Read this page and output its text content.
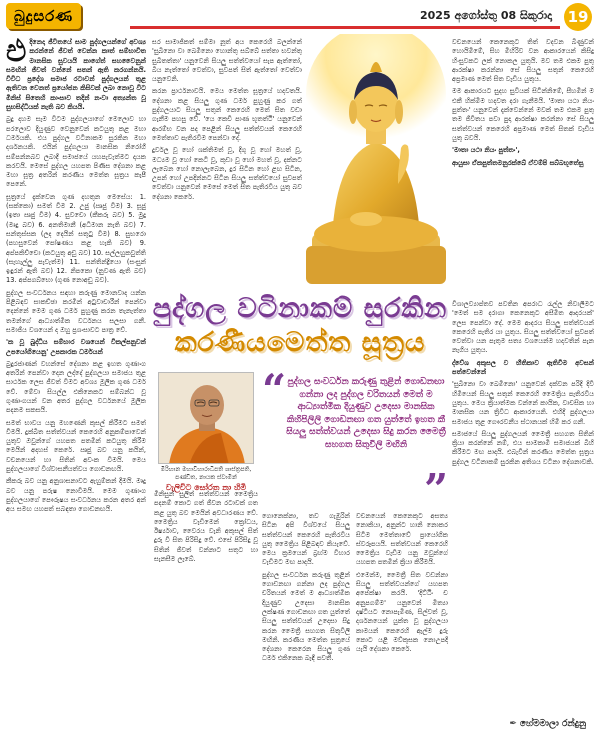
බුදුසරණ	2025 අගෝස්තු 08 සිකුරාදා 19
එ දිනෙදා ජීවිතයේ සාම පුද්ගලයන්ගේ අවශ්‍ය කරන්නේ ජීවත් වෙන්න කාත් සම්භාවිත මානසික සුවයයි කාගේත් සහවෛනුන් සමඟින් ජීවත් වන්නේ සතන් ඇති කරගන්නයි. විවිධ ප්‍රදේශ සමාජ රටාවන් පුද්ගලයන් තුළ ඇතිවන වෙනත් ප්‍රයෝජන කිසිවක් ලබා නොවූ විට මිනිස් සිතෙහි කාංසාව තදින් නංවා අත්‍යන්ත වූ සුභසිද්ධියක් නැති බව කියයි.

බුදු දහම සැම විටම පුද්ගලයාගේ මෙලොව හා පරලොව දියුණුව වෙනුවෙන් කටයුතු කළ මහා ධර්මයකි. එය පුද්ගල වටිනාකම සුරකින මහා දර්ශනයකි. එයින් පුද්ගලයා මානසික නිරෝගී සම්පන්නබව ලබාදී සමාජයේ යහපැවැත්මට දායක කරවයි. මෙසේ පුද්ගල යහපත පිණිස දේශනා කළ මහා සූත්‍ර අතරින් කරණීය මෙත්ත සූත්‍රය කැපී පෙනේ.

සූත්‍රයේ දැක්වෙන ගුණ දහතුන මෙසේය: 1.(සක්කො) සමත් වීම 2. උජු (ඍජු වීම) 3. සූජු (ඉතා ඍජු වීම) 4. සුවචො (කීකරු බව) 5. මුදු (මෘදු බව) 6. අනතිමානී (අධිමාන නැති බව) 7. සන්තුස්සක (ලද දෙයින් සතුටු වීම) 8. සුභරො (පහසුවෙන් පෝෂණය කළ හැකි බව) 9. අප්පකිච්චො (කටයුතු අඩු බව) 10. සල්ලහුකවුත්ති (සැහැල්ලු පැවැත්ම) 11. සන්තින්ද්‍රියො (සංසුන් ඉඳුරන් ඇති බව) 12. නිපකො (නුවණ ඇති බව) 13. අප්පගබ්භො (ගුණ නොඅඩු බව).

පුද්ගල සංවර්ධනය සඳහා කරුණු මොනවාද යන්න පිළිබඳව සාකච්ඡා කරමින් අටුවාචාරීන් පෙන්වා දෙන්නේ මෙම ගුණ ධර්ම පුහුණු කරන තැනැත්තා තමන්ගේ ආධ්‍යාත්මික වර්ධනය සලසා ගනී. සමාජීය වශයෙන් ද ඔහු ප්‍රශංසාවට පාත්‍ර වේ.

'ක වූ බුද්ධිය සම්භාර වශයෙන් විකල්පනුවන් උපයෝගියෙනු' උපකාරක ධර්මයන්

බුදුරජාණන් වහන්සේ දේශනා කළ ඉහත ගුණාංග අතරින් පෙන්වා දෙන ලද්දේ පුද්ගලයා සමාජය තුළ සාර්ථක ලෙස ජීවත් වීමට අවශ්‍ය මූලික ගුණ ධර්ම වේ. මේවා සියල්ල එකිනෙකට සම්බන්ධ වූ ගුණාංගයන් වන අතර පුද්ගල වර්ධනයේ මූලික පදනම සකසයි.

සමත් භාවය යනු මහණෙනි කුසල් කිරීමට සමත් වීමයි. දුක්ඛිත සත්ත්වයන් කෙරෙහි අනුකම්පාවෙන් යුතුව ඔවුන්ගේ යහපත පතමින් කටයුතු කිරීම මෙයින් අදහස් කෙරේ. ඍජු බව යනු කයින්, වචනයෙන් හා සිතින් අවංක වීමයි. මෙය පුද්ගලයාගේ විශ්වාසනීයත්වය ගොඩනඟයි.

කීකරු බව යනු අනුශාසනාවට ඇහුම්කන් දීමයි. මෘදු බව යනු පරුෂ නොවීමයි. මෙම ගුණාංග පුද්ගලයාගේ පෞරුෂය සංවර්ධනය කරන අතර අන් අය සමඟ යහපත් සබඳතා ගොඩනඟයි.

සර සාමාජිකත් සම්මා නූත් අය කෙරෙහි බලන්නේ 'සුඛිනො වා ඛෙමිනො හොන්තු සබ්බේ සත්තා භවන්තු සුඛිතත්තා' යනුවෙනි සියලු සත්ත්වයෝ සැප ඇත්තෝ, බිය නැත්තෝ වෙත්වා, සුවපත් සිත් ඇත්තෝ වෙත්වා යනුවෙනි.

කරන ප්‍රාර්ථනාවයි. මෙය මෙත්ත සූත්‍රයේ හදවතයි. දේශනා කළ සියලු ගුණ ධර්ම පුහුණු කර ගත් පුද්ගලයාට සියලු සතුන් කෙරෙහි මෙත් සිත වඩා ගැනීම පහසු වේ. 'යෙ කෙචි පාණ භූතත්ථි' යනුවෙන් ආරම්භ වන පද පෙළින් සියලු සත්ත්වයන් කෙරෙහි මෙත්තාව පැතිරවීම පෙන්වා දේ.

දුර්වල වූ හෝ ශක්තිමත් වූ, දිගු වූ හෝ මහත් වූ, මධ්‍යම වූ හෝ කෙටි වූ, කුඩා වූ හෝ මහත් වූ, දක්නට ලැබෙන හෝ නොලැබෙන, දුර සිටින හෝ ළඟ සිටින, උපන් හෝ උපදින්නට සිටින සියලු සත්ත්වයෝ සුවපත් වෙත්වා යනුවෙන් මෙසේ මෙත් සිත පැතිරවිය යුතු බව දේශනා කෙරේ.

වචනයෙන් කෙනෙකුට තිත් වදවන බිණුවන් හොයිමිමේ, සිහ මිහිරිව වන ආකාරයෙන් කිසිදු හිංසුවකට ලක් නොකල යුතුයි. මව තම එකම පුතු ආරක්ෂා කරන්නා සේ සියලු සතුන් කෙරෙහි අප්‍රමාණ මෙත් සිත වැඩිය යුතුය.

මම ආකාරයට සුදහ සුවියක් සිටින්නිමේ, සීහමින් ම එකී හික්මීම හදවත දරා ගැනීමයි. 'මාතා යථා නියං පුත්තං' යනුවෙන් දැක්වෙන්නේ මවක් තම එකම පුතු තම ජීවිතය පවා පුදා ආරක්ෂා කරන්නා සේ සියලු සත්ත්වයන් කෙරෙහි අප්‍රමාණ මෙත් සිතක් වැඩිය යුතු බවයි.

'මාතා යථා නියං පුත්තං',

ආයුසා ඒකපුත්තමනුරක්ඛේ ඒවම්පි සබ්බභූතේසු

පුද්ගල වටිනාකම් සුරකින
කරණීයමෙත්ත සූත්‍රය
මිරිහාන මහාවිහාරාධිපති ශාස්ත්‍රපති, පණ්ඩිත, නායක ස්වාමීන්
වැලිවිට සෝරත නා හිමි
“ පුද්ගල සංවර්ධන කරුණු තුළින් ගොඩනඟා ගන්නා ලද පුද්ගල චරිතයන් මෙත් ම ආධ්‍යාත්මික දියුණුව උදෙසා මානසික කිහිපිලිලි ගොඩනඟා ගත යුත්තේ ඉහත කී සියලු සත්ත්වයන් උදෙසා සිදු කරන මෛත්‍රී සහගත සිතුවිලි මඟිනි
”

ගොනෙක්නා, තව ගැඹුරින් සිටින අපි විශ්වයේ සියලු සත්ත්වයන් කෙරෙහි පැතිරවිය යුතු මෛත්‍රිය පිළිබඳව කියැවේ. මෙය ක්‍රමයෙන් බ්‍රහ්ම විහාර වැඩීමට මඟ පාදයි.

පුද්ගල සංවර්ධන කරුණු තුළින් ගොඩනඟා ගන්නා ලද පුද්ගල චරිතයන් මෙත් ම ආධ්‍යාත්මික දියුණුව උදෙසා මානසික ලක්ෂණ ගොඩනඟා ගත යුත්තේ සියලු සත්ත්වයන් උදෙසා සිදු කරන මෛත්‍රී සහගත සිතුවිලි මඟිනි. කරණීය මෙත්ත සූත්‍රයේ දේශනා කෙරෙන සියලු ගුණ ධර්ම එකිනෙක බැඳී පවතී.

මිනිසුන් සුලිත් සත්ත්වයන් මෛත්‍රිය පදනම් කොට ගත් ජීවන රටාවක් ගත කළ යුතු බව මෙයින් අවධාරණය වේ. මෛත්‍රිය වැඩීමෙන් ක්‍රෝධය, ඊර්ෂ්‍යාව, වෛරය වැනි අකුසල් සිත් දුරු වී සිත පිරිසිදු වේ. එසේ පිරිසිදු වූ සිතින් ජීවත් වන්නාට සතුට හා සැනසීම ලැබේ.

වචනයෙන් කෙනෙකුට අසත්‍ය නොකියා, අනුන්ට හානි නොකර සිටීම මෙත්තාවේ ප්‍රායෝගික ස්වරූපයයි. සත්ත්වයන් කෙරෙහි මෛත්‍රිය වැඩීම යනු ඔවුන්ගේ යහපත පතමින් ක්‍රියා කිරීමයි.

එමෙන්ම, මෛත්‍රී සිත වඩන්නා සියලු සත්ත්වයන්ගේ යහපත අපේක්ෂා කරයි. 'දිට්ඨිං ච අනුපගම්ම' යනුවෙන් මිත්‍යා දෘෂ්ටියට නොපැමිණ, සිල්වත් වූ, දර්ශනයෙන් යුක්ත වූ පුද්ගලයා කාමයන් කෙරෙහි ඇල්ම දුරු කොට යළි මව්කුසක නොඋපදී යැයි දේශනා කෙරේ.

විශාලව්‍යාප්තව පවතින අපරාධ රැල්ල නිවාලීමට 'මෙත් සම දරාගා කෙනෙකුට අසීමිත ආදරයක්' ලෙස පෙන්වා දේ. මෙම ආදරය සියලු සත්ත්වයන් කෙරෙහි පැතිර යා යුතුය. සියලු සත්ත්වයෝ සුවපත් වෙත්වා යන පැතුම සත්‍ය වශයෙන්ම හදවතින් පැන නැගිය යුතුය.

ද්වේශ අකුසල ව භීතිකාව ඇතිවීම අවසන් පත්වෙන්නේ

'සුඛිනො වා ඛෙමිනො' යනුවෙන් දක්වන පරිදි දිවි හිමියෙන් සියලු සතුන් කෙරෙහි මෛත්‍රිය පැතිරවිය යුතුය. මෙය ක්‍රියාත්මක වන්නේ කායික, වාචසික හා මානසික යන ත්‍රිවිධ ආකාරයෙනි. එහිදී පුද්ගලයා සමාජය තුළ ගෞරවනීය ස්ථානයක් හිමි කර ගනී.

සමාජයේ සියලු පුද්ගලයන් මෛත්‍රී සහගත සිතින් ක්‍රියා කරන්නේ නම්, එය සාමකාමී සමාජයක් බිහි කිරීමට මඟ පාදයි. එබැවින් කරණීය මෙත්ත සූත්‍රය පුද්ගල වටිනාකම් සුරකින අතිශය වටිනා දේශනාවකි.

✒ හේමමාලා රන්දුනු
